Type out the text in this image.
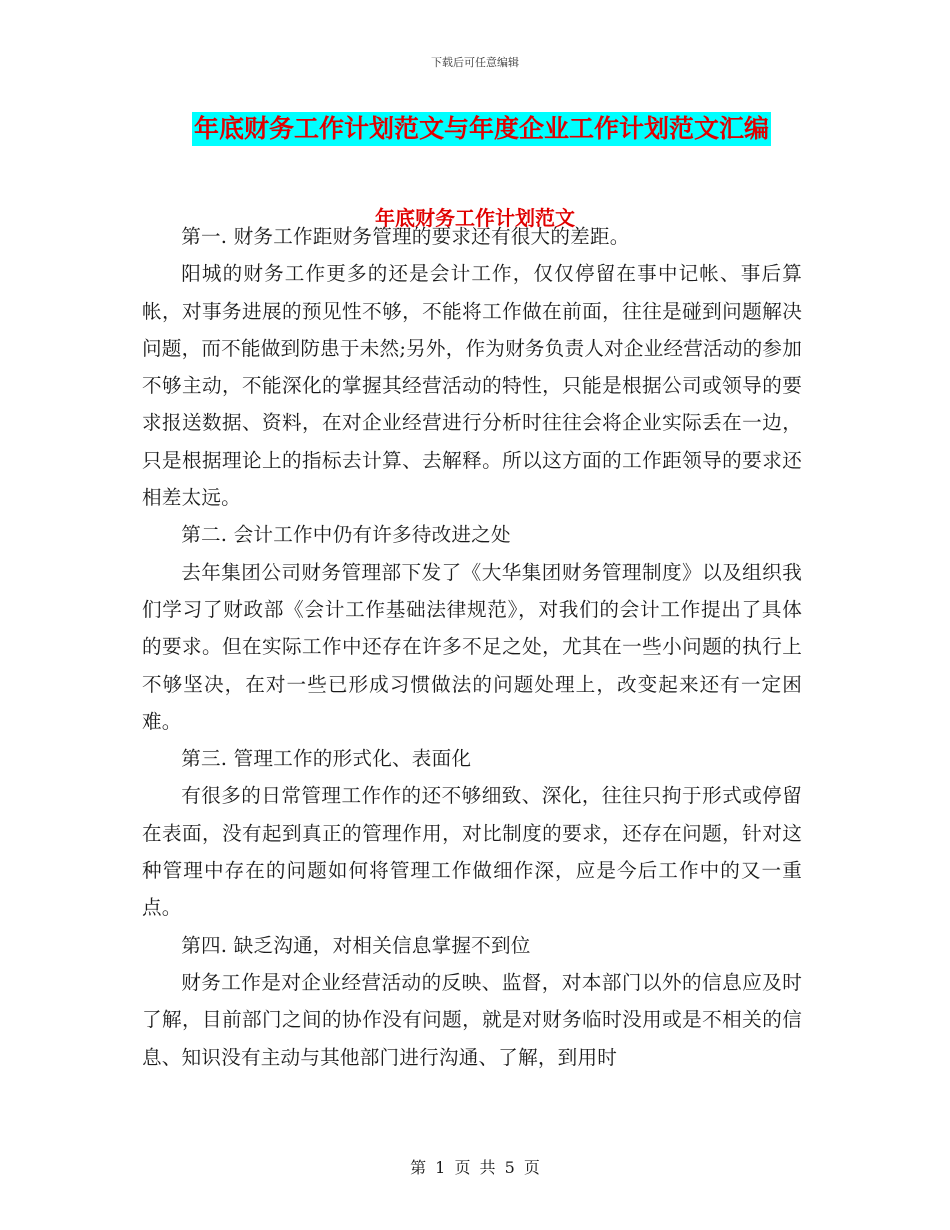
下载后可任意编辑
年底财务工作计划范文与年度企业工作计划范文汇编
年底财务工作计划范文

第一. 财务工作距财务管理的要求还有很大的差距。

阳城的财务工作更多的还是会计工作，仅仅停留在事中记帐、事后算帐，对事务进展的预见性不够，不能将工作做在前面，往往是碰到问题解决问题，而不能做到防患于未然;另外，作为财务负责人对企业经营活动的参加不够主动，不能深化的掌握其经营活动的特性，只能是根据公司或领导的要求报送数据、资料，在对企业经营进行分析时往往会将企业实际丢在一边，只是根据理论上的指标去计算、去解释。所以这方面的工作距领导的要求还相差太远。

第二. 会计工作中仍有许多待改进之处

去年集团公司财务管理部下发了《大华集团财务管理制度》以及组织我们学习了财政部《会计工作基础法律规范》，对我们的会计工作提出了具体的要求。但在实际工作中还存在许多不足之处，尤其在一些小问题的执行上不够坚决，在对一些已形成习惯做法的问题处理上，改变起来还有一定困难。

第三. 管理工作的形式化、表面化

有很多的日常管理工作作的还不够细致、深化，往往只拘于形式或停留在表面，没有起到真正的管理作用，对比制度的要求，还存在问题，针对这种管理中存在的问题如何将管理工作做细作深，应是今后工作中的又一重点。

第四. 缺乏沟通，对相关信息掌握不到位

财务工作是对企业经营活动的反映、监督，对本部门以外的信息应及时了解，目前部门之间的协作没有问题，就是对财务临时没用或是不相关的信息、知识没有主动与其他部门进行沟通、了解，到用时

第 1 页 共 5 页
